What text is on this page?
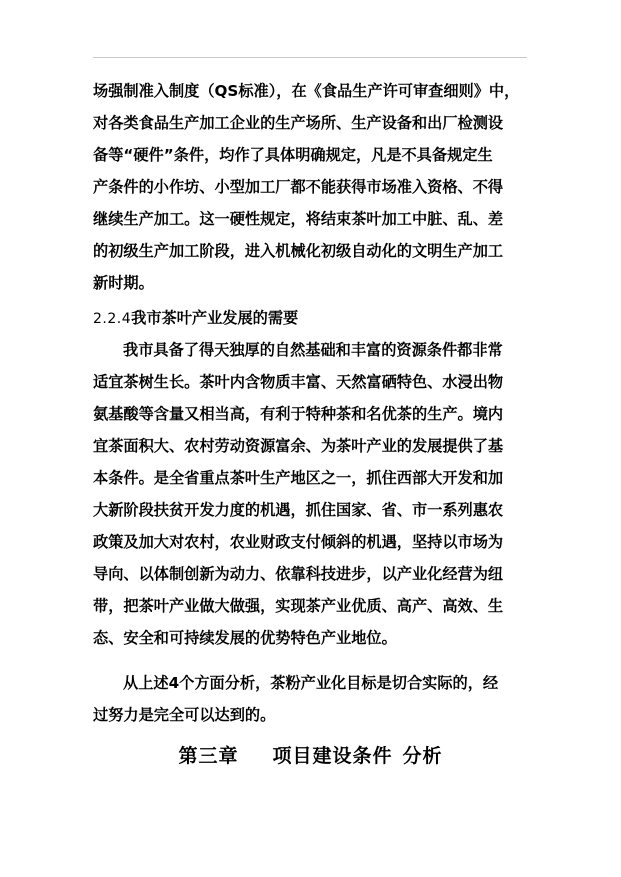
场强制准入制度（QS标准），在《食品生产许可审查细则》中，
对各类食品生产加工企业的生产场所、生产设备和出厂检测设
备等“硬件”条件，均作了具体明确规定，凡是不具备规定生
产条件的小作坊、小型加工厂都不能获得市场准入资格、不得
继续生产加工。这一硬性规定，将结束茶叶加工中脏、乱、差
的初级生产加工阶段，进入机械化初级自动化的文明生产加工
新时期。
2.2.4我市茶叶产业发展的需要
我市具备了得天独厚的自然基础和丰富的资源条件都非常
适宜茶树生长。茶叶内含物质丰富、天然富硒特色、水浸出物
氨基酸等含量又相当高，有利于特种茶和名优茶的生产。境内
宜茶面积大、农村劳动资源富余、为茶叶产业的发展提供了基
本条件。是全省重点茶叶生产地区之一，抓住西部大开发和加
大新阶段扶贫开发力度的机遇，抓住国家、省、市一系列惠农
政策及加大对农村，农业财政支付倾斜的机遇，坚持以市场为
导向、以体制创新为动力、依靠科技进步，以产业化经营为纽
带，把茶叶产业做大做强，实现茶产业优质、高产、高效、生
态、安全和可持续发展的优势特色产业地位。
从上述4个方面分析，茶粉产业化目标是切合实际的，经
过努力是完全可以达到的。
第三章 项目建设条件 分析
